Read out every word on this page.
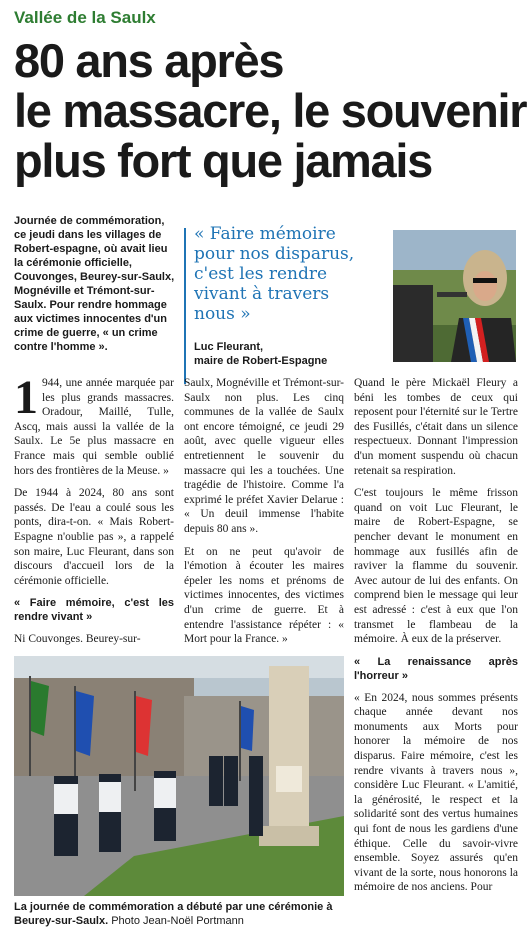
Vallée de la Saulx
80 ans après
le massacre, le souvenir
plus fort que jamais
Journée de commémoration, ce jeudi dans les villages de Robert-espagne, où avait lieu la cérémonie officielle, Couvonges, Beurey-sur-Saulx, Mognéville et Trémont-sur-Saulx. Pour rendre hommage aux victimes innocentes d'un crime de guerre, « un crime contre l'homme ».
« Faire mémoire pour nos disparus, c'est les rendre vivant à travers nous »
Luc Fleurant,
maire de Robert-Espagne

1 944, une année marquée par les plus grands massacres. Oradour, Maillé, Tulle, Ascq, mais aussi la vallée de la Saulx. Le 5e plus massacre en France mais qui semble oublié hors des frontières de la Meuse. »

De 1944 à 2024, 80 ans sont passés. De l'eau a coulé sous les ponts, dira-t-on. « Mais Robert-Espagne n'oublie pas », a rappelé son maire, Luc Fleurant, dans son discours d'accueil lors de la cérémonie officielle.

« Faire mémoire, c'est les rendre vivant »

Ni Couvonges. Beurey-sur-

Saulx, Mognéville et Trémont-sur-Saulx non plus. Les cinq communes de la vallée de Saulx ont encore témoigné, ce jeudi 29 août, avec quelle vigueur elles entretiennent le souvenir du massacre qui les a touchées. Une tragédie de l'histoire. Comme l'a exprimé le préfet Xavier Delarue : « Un deuil immense l'habite depuis 80 ans ».

Et on ne peut qu'avoir de l'émotion à écouter les maires épeler les noms et prénoms de victimes innocentes, des victimes d'un crime de guerre. Et à entendre l'assistance répéter : « Mort pour la France. »

Quand le père Mickaël Fleury a béni les tombes de ceux qui reposent pour l'éternité sur le Tertre des Fusillés, c'était dans un silence respectueux. Donnant l'impression d'un moment suspendu où chacun retenait sa respiration.

C'est toujours le même frisson quand on voit Luc Fleurant, le maire de Robert-Espagne, se pencher devant le monument en hommage aux fusillés afin de raviver la flamme du souvenir. Avec autour de lui des enfants. On comprend bien le message qui leur est adressé : c'est à eux que l'on transmet le flambeau de la mémoire. À eux de la préserver.

« La renaissance après l'horreur »

« En 2024, nous sommes présents chaque année devant nos monuments aux Morts pour honorer la mémoire de nos disparus. Faire mémoire, c'est les rendre vivants à travers nous », considère Luc Fleurant. « L'amitié, la générosité, le respect et la solidarité sont des vertus humaines qui font de nous les gardiens d'une éthique. Celle du savoir-vivre ensemble. Soyez assurés qu'en vivant de la sorte, nous honorons la mémoire de nos anciens. Pour

La journée de commémoration a débuté par une cérémonie à Beurey-sur-Saulx. Photo Jean-Noël Portmann
